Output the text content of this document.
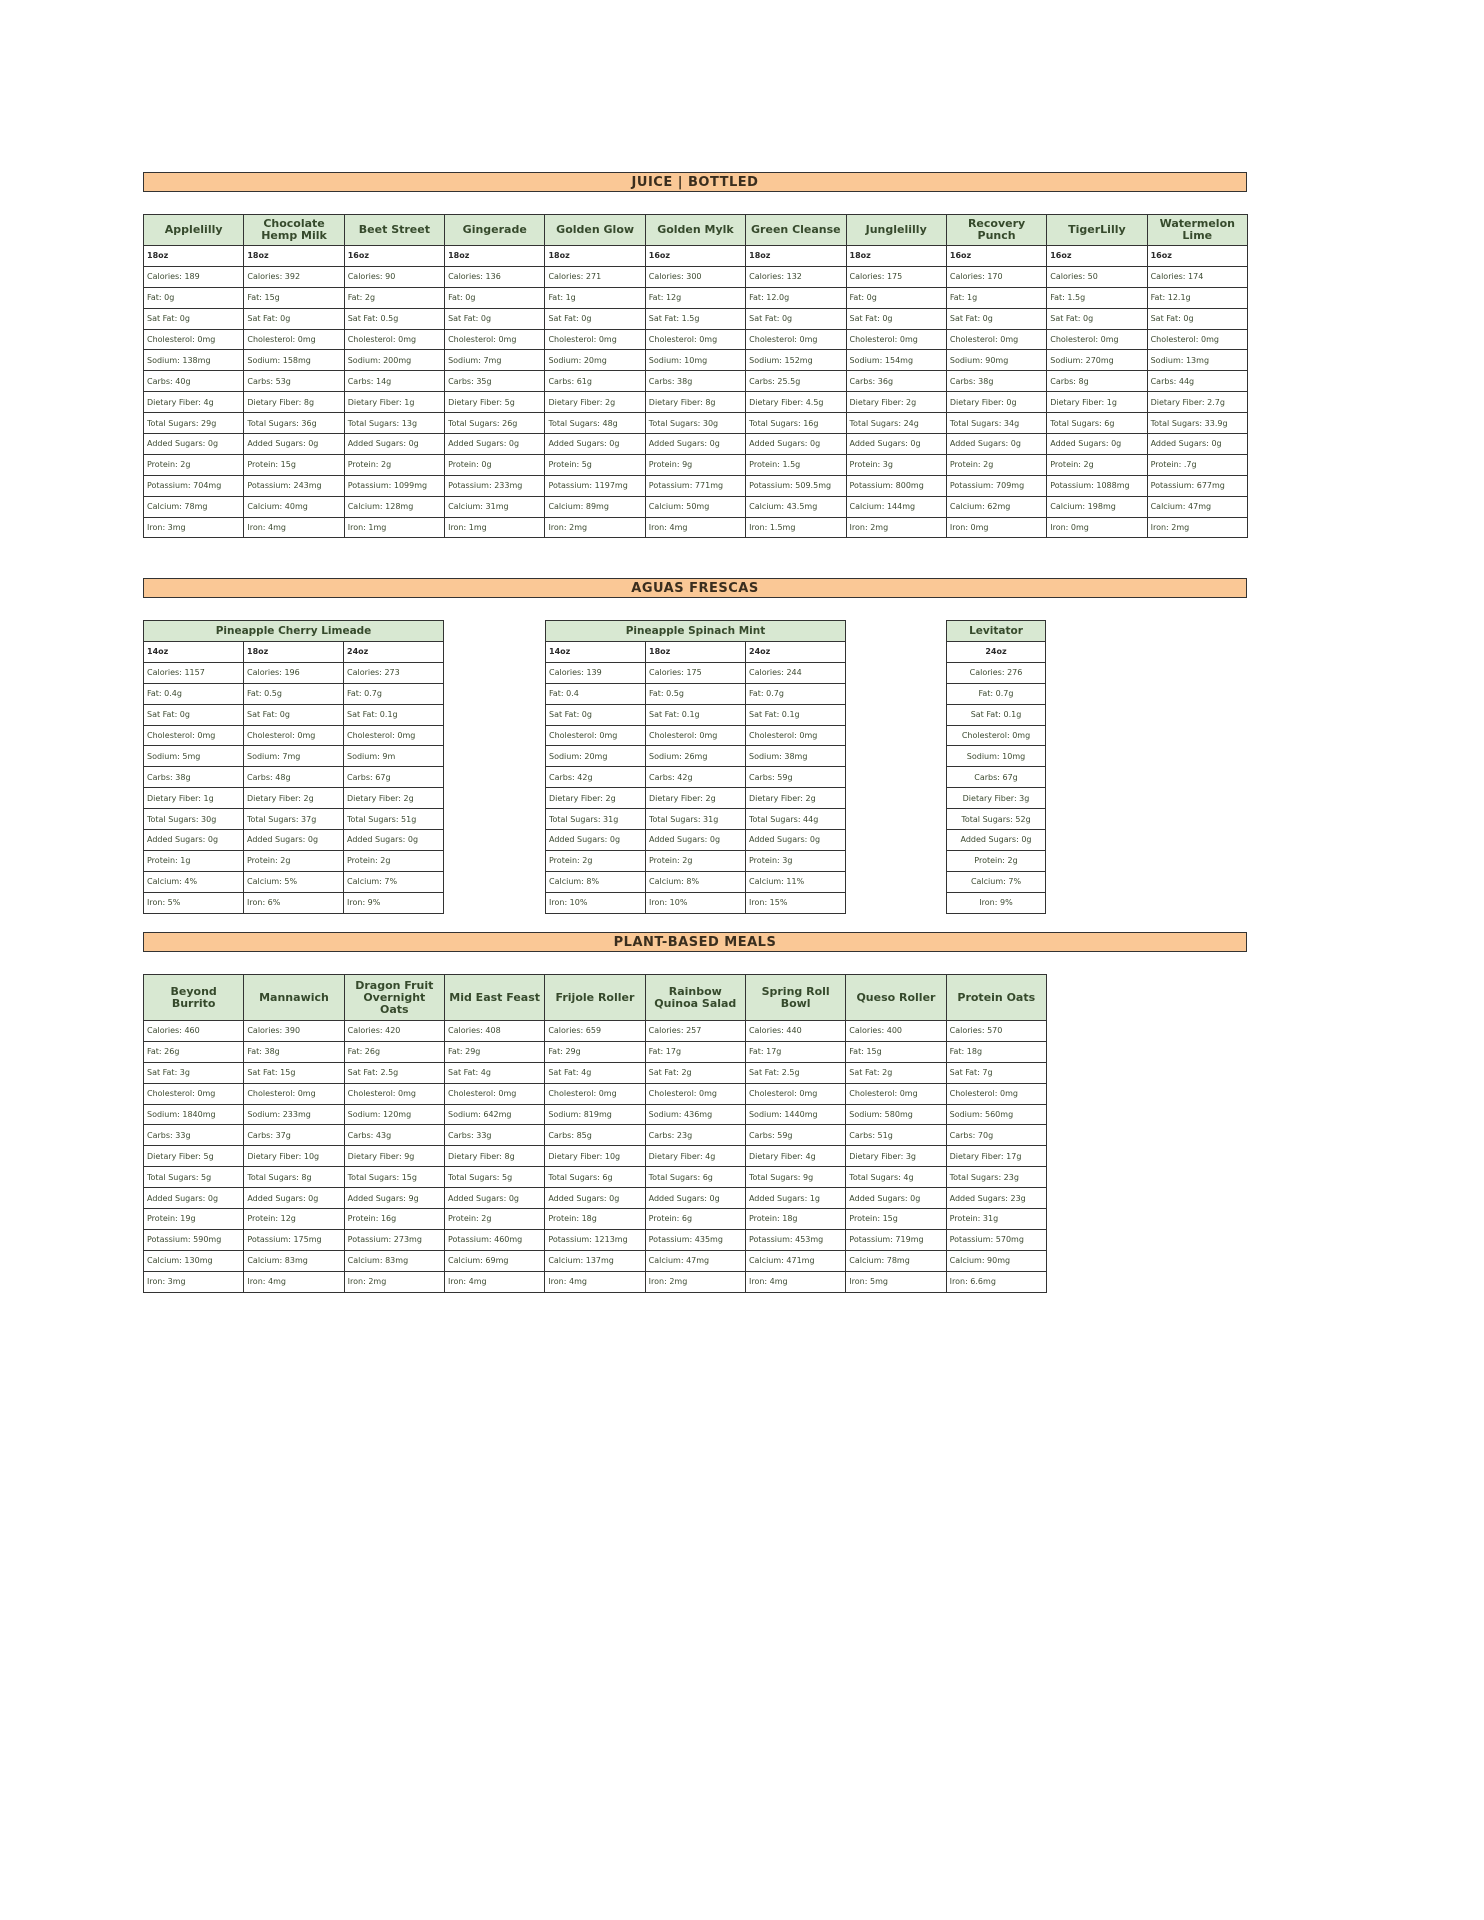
JUICE | BOTTLED
Applelilly	Chocolate Hemp Milk	Beet Street	Gingerade	Golden Glow	Golden Mylk	Green Cleanse	Junglelilly	Recovery Punch	TigerLilly	Watermelon Lime
18oz	18oz	16oz	18oz	18oz	16oz	18oz	18oz	16oz	16oz	16oz
Calories: 189	Calories: 392	Calories: 90	Calories: 136	Calories: 271	Calories: 300	Calories: 132	Calories: 175	Calories: 170	Calories: 50	Calories: 174
Fat: 0g	Fat: 15g	Fat: 2g	Fat: 0g	Fat: 1g	Fat: 12g	Fat: 12.0g	Fat: 0g	Fat: 1g	Fat: 1.5g	Fat: 12.1g
Sat Fat: 0g	Sat Fat: 0g	Sat Fat: 0.5g	Sat Fat: 0g	Sat Fat: 0g	Sat Fat: 1.5g	Sat Fat: 0g	Sat Fat: 0g	Sat Fat: 0g	Sat Fat: 0g	Sat Fat: 0g
Cholesterol: 0mg	Cholesterol: 0mg	Cholesterol: 0mg	Cholesterol: 0mg	Cholesterol: 0mg	Cholesterol: 0mg	Cholesterol: 0mg	Cholesterol: 0mg	Cholesterol: 0mg	Cholesterol: 0mg	Cholesterol: 0mg
Sodium: 138mg	Sodium: 158mg	Sodium: 200mg	Sodium: 7mg	Sodium: 20mg	Sodium: 10mg	Sodium: 152mg	Sodium: 154mg	Sodium: 90mg	Sodium: 270mg	Sodium: 13mg
Carbs: 40g	Carbs: 53g	Carbs: 14g	Carbs: 35g	Carbs: 61g	Carbs: 38g	Carbs: 25.5g	Carbs: 36g	Carbs: 38g	Carbs: 8g	Carbs: 44g
Dietary Fiber: 4g	Dietary Fiber: 8g	Dietary Fiber: 1g	Dietary Fiber: 5g	Dietary Fiber: 2g	Dietary Fiber: 8g	Dietary Fiber: 4.5g	Dietary Fiber: 2g	Dietary Fiber: 0g	Dietary Fiber: 1g	Dietary Fiber: 2.7g
Total Sugars: 29g	Total Sugars: 36g	Total Sugars: 13g	Total Sugars: 26g	Total Sugars: 48g	Total Sugars: 30g	Total Sugars: 16g	Total Sugars: 24g	Total Sugars: 34g	Total Sugars: 6g	Total Sugars: 33.9g
Added Sugars: 0g	Added Sugars: 0g	Added Sugars: 0g	Added Sugars: 0g	Added Sugars: 0g	Added Sugars: 0g	Added Sugars: 0g	Added Sugars: 0g	Added Sugars: 0g	Added Sugars: 0g	Added Sugars: 0g
Protein: 2g	Protein: 15g	Protein: 2g	Protein: 0g	Protein: 5g	Protein: 9g	Protein: 1.5g	Protein: 3g	Protein: 2g	Protein: 2g	Protein: .7g
Potassium: 704mg	Potassium: 243mg	Potassium: 1099mg	Potassium: 233mg	Potassium: 1197mg	Potassium: 771mg	Potassium: 509.5mg	Potassium: 800mg	Potassium: 709mg	Potassium: 1088mg	Potassium: 677mg
Calcium: 78mg	Calcium: 40mg	Calcium: 128mg	Calcium: 31mg	Calcium: 89mg	Calcium: 50mg	Calcium: 43.5mg	Calcium: 144mg	Calcium: 62mg	Calcium: 198mg	Calcium: 47mg
Iron: 3mg	Iron: 4mg	Iron: 1mg	Iron: 1mg	Iron: 2mg	Iron: 4mg	Iron: 1.5mg	Iron: 2mg	Iron: 0mg	Iron: 0mg	Iron: 2mg
AGUAS FRESCAS
Pineapple Cherry Limeade		
14oz	18oz	24oz
Calories: 1157	Calories: 196	Calories: 273
Fat: 0.4g	Fat: 0.5g	Fat: 0.7g
Sat Fat: 0g	Sat Fat: 0g	Sat Fat: 0.1g
Cholesterol: 0mg	Cholesterol: 0mg	Cholesterol: 0mg
Sodium: 5mg	Sodium: 7mg	Sodium: 9m
Carbs: 38g	Carbs: 48g	Carbs: 67g
Dietary Fiber: 1g	Dietary Fiber: 2g	Dietary Fiber: 2g
Total Sugars: 30g	Total Sugars: 37g	Total Sugars: 51g
Added Sugars: 0g	Added Sugars: 0g	Added Sugars: 0g
Protein: 1g	Protein: 2g	Protein: 2g
Calcium: 4%	Calcium: 5%	Calcium: 7%
Iron: 5%	Iron: 6%	Iron: 9%
Pineapple Spinach Mint		
14oz	18oz	24oz
Calories: 139	Calories: 175	Calories: 244
Fat: 0.4	Fat: 0.5g	Fat: 0.7g
Sat Fat: 0g	Sat Fat: 0.1g	Sat Fat: 0.1g
Cholesterol: 0mg	Cholesterol: 0mg	Cholesterol: 0mg
Sodium: 20mg	Sodium: 26mg	Sodium: 38mg
Carbs: 42g	Carbs: 42g	Carbs: 59g
Dietary Fiber: 2g	Dietary Fiber: 2g	Dietary Fiber: 2g
Total Sugars: 31g	Total Sugars: 31g	Total Sugars: 44g
Added Sugars: 0g	Added Sugars: 0g	Added Sugars: 0g
Protein: 2g	Protein: 2g	Protein: 3g
Calcium: 8%	Calcium: 8%	Calcium: 11%
Iron: 10%	Iron: 10%	Iron: 15%
Levitator
24oz
Calories: 276
Fat: 0.7g
Sat Fat: 0.1g
Cholesterol: 0mg
Sodium: 10mg
Carbs: 67g
Dietary Fiber: 3g
Total Sugars: 52g
Added Sugars: 0g
Protein: 2g
Calcium: 7%
Iron: 9%
PLANT-BASED MEALS
Beyond Burrito	Mannawich	Dragon Fruit Overnight Oats	Mid East Feast	Frijole Roller	Rainbow Quinoa Salad	Spring Roll Bowl	Queso Roller	Protein Oats
Calories: 460	Calories: 390	Calories: 420	Calories: 408	Calories: 659	Calories: 257	Calories: 440	Calories: 400	Calories: 570
Fat: 26g	Fat: 38g	Fat: 26g	Fat: 29g	Fat: 29g	Fat: 17g	Fat: 17g	Fat: 15g	Fat: 18g
Sat Fat: 3g	Sat Fat: 15g	Sat Fat: 2.5g	Sat Fat: 4g	Sat Fat: 4g	Sat Fat: 2g	Sat Fat: 2.5g	Sat Fat: 2g	Sat Fat: 7g
Cholesterol: 0mg	Cholesterol: 0mg	Cholesterol: 0mg	Cholesterol: 0mg	Cholesterol: 0mg	Cholesterol: 0mg	Cholesterol: 0mg	Cholesterol: 0mg	Cholesterol: 0mg
Sodium: 1840mg	Sodium: 233mg	Sodium: 120mg	Sodium: 642mg	Sodium: 819mg	Sodium: 436mg	Sodium: 1440mg	Sodium: 580mg	Sodium: 560mg
Carbs: 33g	Carbs: 37g	Carbs: 43g	Carbs: 33g	Carbs: 85g	Carbs: 23g	Carbs: 59g	Carbs: 51g	Carbs: 70g
Dietary Fiber: 5g	Dietary Fiber: 10g	Dietary Fiber: 9g	Dietary Fiber: 8g	Dietary Fiber: 10g	Dietary Fiber: 4g	Dietary Fiber: 4g	Dietary Fiber: 3g	Dietary Fiber: 17g
Total Sugars: 5g	Total Sugars: 8g	Total Sugars: 15g	Total Sugars: 5g	Total Sugars: 6g	Total Sugars: 6g	Total Sugars: 9g	Total Sugars: 4g	Total Sugars: 23g
Added Sugars: 0g	Added Sugars: 0g	Added Sugars: 9g	Added Sugars: 0g	Added Sugars: 0g	Added Sugars: 0g	Added Sugars: 1g	Added Sugars: 0g	Added Sugars: 23g
Protein: 19g	Protein: 12g	Protein: 16g	Protein: 2g	Protein: 18g	Protein: 6g	Protein: 18g	Protein: 15g	Protein: 31g
Potassium: 590mg	Potassium: 175mg	Potassium: 273mg	Potassium: 460mg	Potassium: 1213mg	Potassium: 435mg	Potassium: 453mg	Potassium: 719mg	Potassium: 570mg
Calcium: 130mg	Calcium: 83mg	Calcium: 83mg	Calcium: 69mg	Calcium: 137mg	Calcium: 47mg	Calcium: 471mg	Calcium: 78mg	Calcium: 90mg
Iron: 3mg	Iron: 4mg	Iron: 2mg	Iron: 4mg	Iron: 4mg	Iron: 2mg	Iron: 4mg	Iron: 5mg	Iron: 6.6mg
